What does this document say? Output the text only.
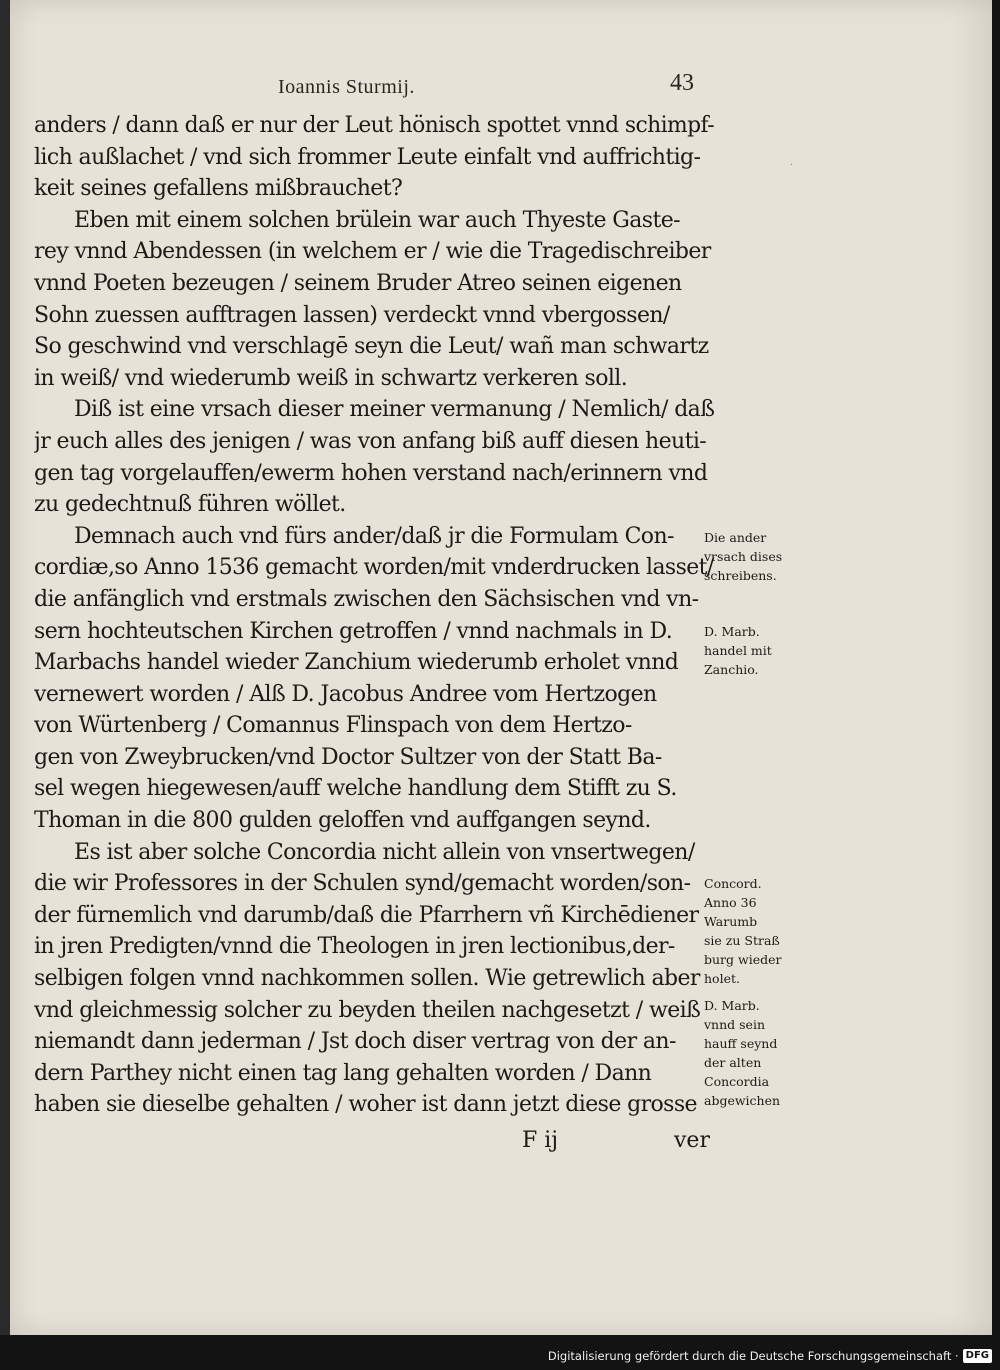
Ioannis Sturmij.	43
·
anders / dann daß er nur der Leut hönisch spottet vnnd schimpf-
lich außlachet / vnd sich frommer Leute einfalt vnd auffrichtig-
keit seines gefallens mißbrauchet?
Eben mit einem solchen brülein war auch Thyeste Gaste-
rey vnnd Abendessen (in welchem er / wie die Tragedischreiber
vnnd Poeten bezeugen / seinem Bruder Atreo seinen eigenen
Sohn zuessen aufftragen lassen) verdeckt vnnd vbergossen/
So geschwind vnd verschlagē seyn die Leut/ wañ man schwartz
in weiß/ vnd wiederumb weiß in schwartz verkeren soll.
Diß ist eine vrsach dieser meiner vermanung / Nemlich/ daß
jr euch alles des jenigen / was von anfang biß auff diesen heuti-
gen tag vorgelauffen/ewerm hohen verstand nach/erinnern vnd
zu gedechtnuß führen wöllet.
Demnach auch vnd fürs ander/daß jr die Formulam Con-
cordiæ,so Anno 1536 gemacht worden/mit vnderdrucken lasset/
die anfänglich vnd erstmals zwischen den Sächsischen vnd vn-
sern hochteutschen Kirchen getroffen / vnnd nachmals in D.
Marbachs handel wieder Zanchium wiederumb erholet vnnd
vernewert worden / Alß D. Jacobus Andree vom Hertzogen
von Würtenberg / Comannus Flinspach von dem Hertzo-
gen von Zweybrucken/vnd Doctor Sultzer von der Statt Ba-
sel wegen hiegewesen/auff welche handlung dem Stifft zu S.
Thoman in die 800 gulden geloffen vnd auffgangen seynd.
Es ist aber solche Concordia nicht allein von vnsertwegen/
die wir Professores in der Schulen synd/gemacht worden/son-
der fürnemlich vnd darumb/daß die Pfarrhern vñ Kirchēdiener
in jren Predigten/vnnd die Theologen in jren lectionibus,der-
selbigen folgen vnnd nachkommen sollen. Wie getrewlich aber
vnd gleichmessig solcher zu beyden theilen nachgesetzt / weiß
niemandt dann jederman / Jst doch diser vertrag von der an-
dern Parthey nicht einen tag lang gehalten worden / Dann
haben sie dieselbe gehalten / woher ist dann jetzt diese grosse
F ij	ver
Die ander
vrsach dises
schreibens.
D. Marb.
handel mit
Zanchio.
Concord.
Anno 36
Warumb
sie zu Straß
burg wieder
holet.
D. Marb.
vnnd sein
hauff seynd
der alten
Concordia
abgewichen
Digitalisierung gefördert durch die Deutsche Forschungsgemeinschaft · DFG
